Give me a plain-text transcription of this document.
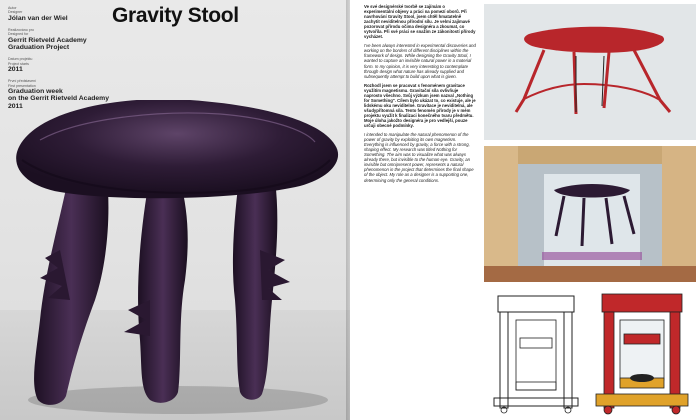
Autor
Designer
Jólan van der Wiel
Realizováno pro
Designed for
Gerrit Rietveld Academy
Graduation Project
Datum projektu
Project starts
2011
První představení
First presentation
Graduation week
on the Gerrit Rietveld Academy
2011
Gravity Stool	Ve své designérské tvorbě se zajímám o experimentální objevy a práci na pomezí oborů. Při navrhování Gravity Stool, jsem chtěl hmatatelně zachytit neviditelnou přírodní sílu. Je velmi zajímavé pozorovat přírodu očima designéra a zkoumat, co vytvořila. Při své práci se snažím ze zákonitostí přírody vycházet.

I've been always interested in experimental discoveries and working on the borders of different disciplines within the framework of design. While designing the Gravity Stool, I wanted to capture an invisible natural power in a material form. In my opinion, it is very interesting to contemplate through design what nature has already supplied and subsequently attempt to build upon what is given.

Rozhodl jsem se pracovat s fenoménem gravitace využitím magnetismu. Gravitační síla ovlivňuje naprosto všechno. Svůj výzkum jsem nazval „Nothing for Something". Cílem bylo ukázat to, co existuje, ale je lidskému oku neviditelné. Gravitace je neviditelná, ale všudypřítomná síla. Tento fenomén přírody je v mém projektu využit k finalizaci konečného tvaru předmětu. Moje úloha jakožto designéra je pro vedlejší, pouze určuji obecné podmínky.

I intended to manipulate the natural phenomenon of the power of gravity by exploiting its own magnetism. Everything is influenced by gravity, a force with a strong, shaping effect. My research was titled Nothing for Something. The aim was to visualize what was always already there, but invisible to the human eye. Gravity, an invisible but omnipresent power, represents a natural phenomenon in the project that determines the final shape of the object. My role as a designer is a supporting one, determining only the general conditions.
